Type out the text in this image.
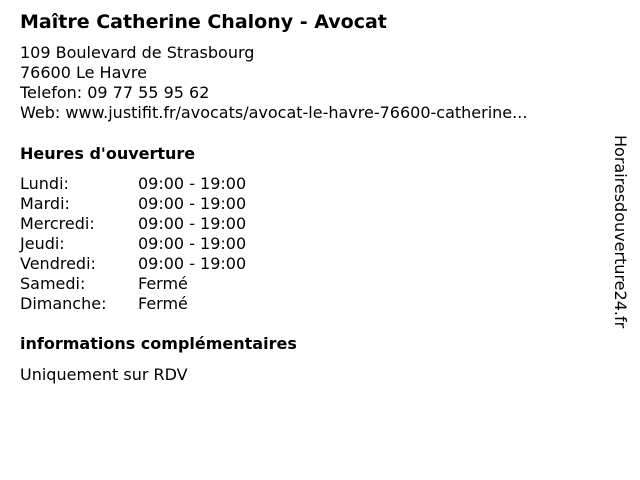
Maître Catherine Chalony - Avocat
109 Boulevard de Strasbourg
76600 Le Havre
Telefon: 09 77 55 95 62
Web: www.justifit.fr/avocats/avocat-le-havre-76600-catherine...
Heures d'ouverture
Lundi:	09:00 - 19:00
Mardi:	09:00 - 19:00
Mercredi:	09:00 - 19:00
Jeudi:	09:00 - 19:00
Vendredi:	09:00 - 19:00
Samedi:	Fermé
Dimanche: Fermé
informations complémentaires
Uniquement sur RDV
Horairesdouverture24.fr
